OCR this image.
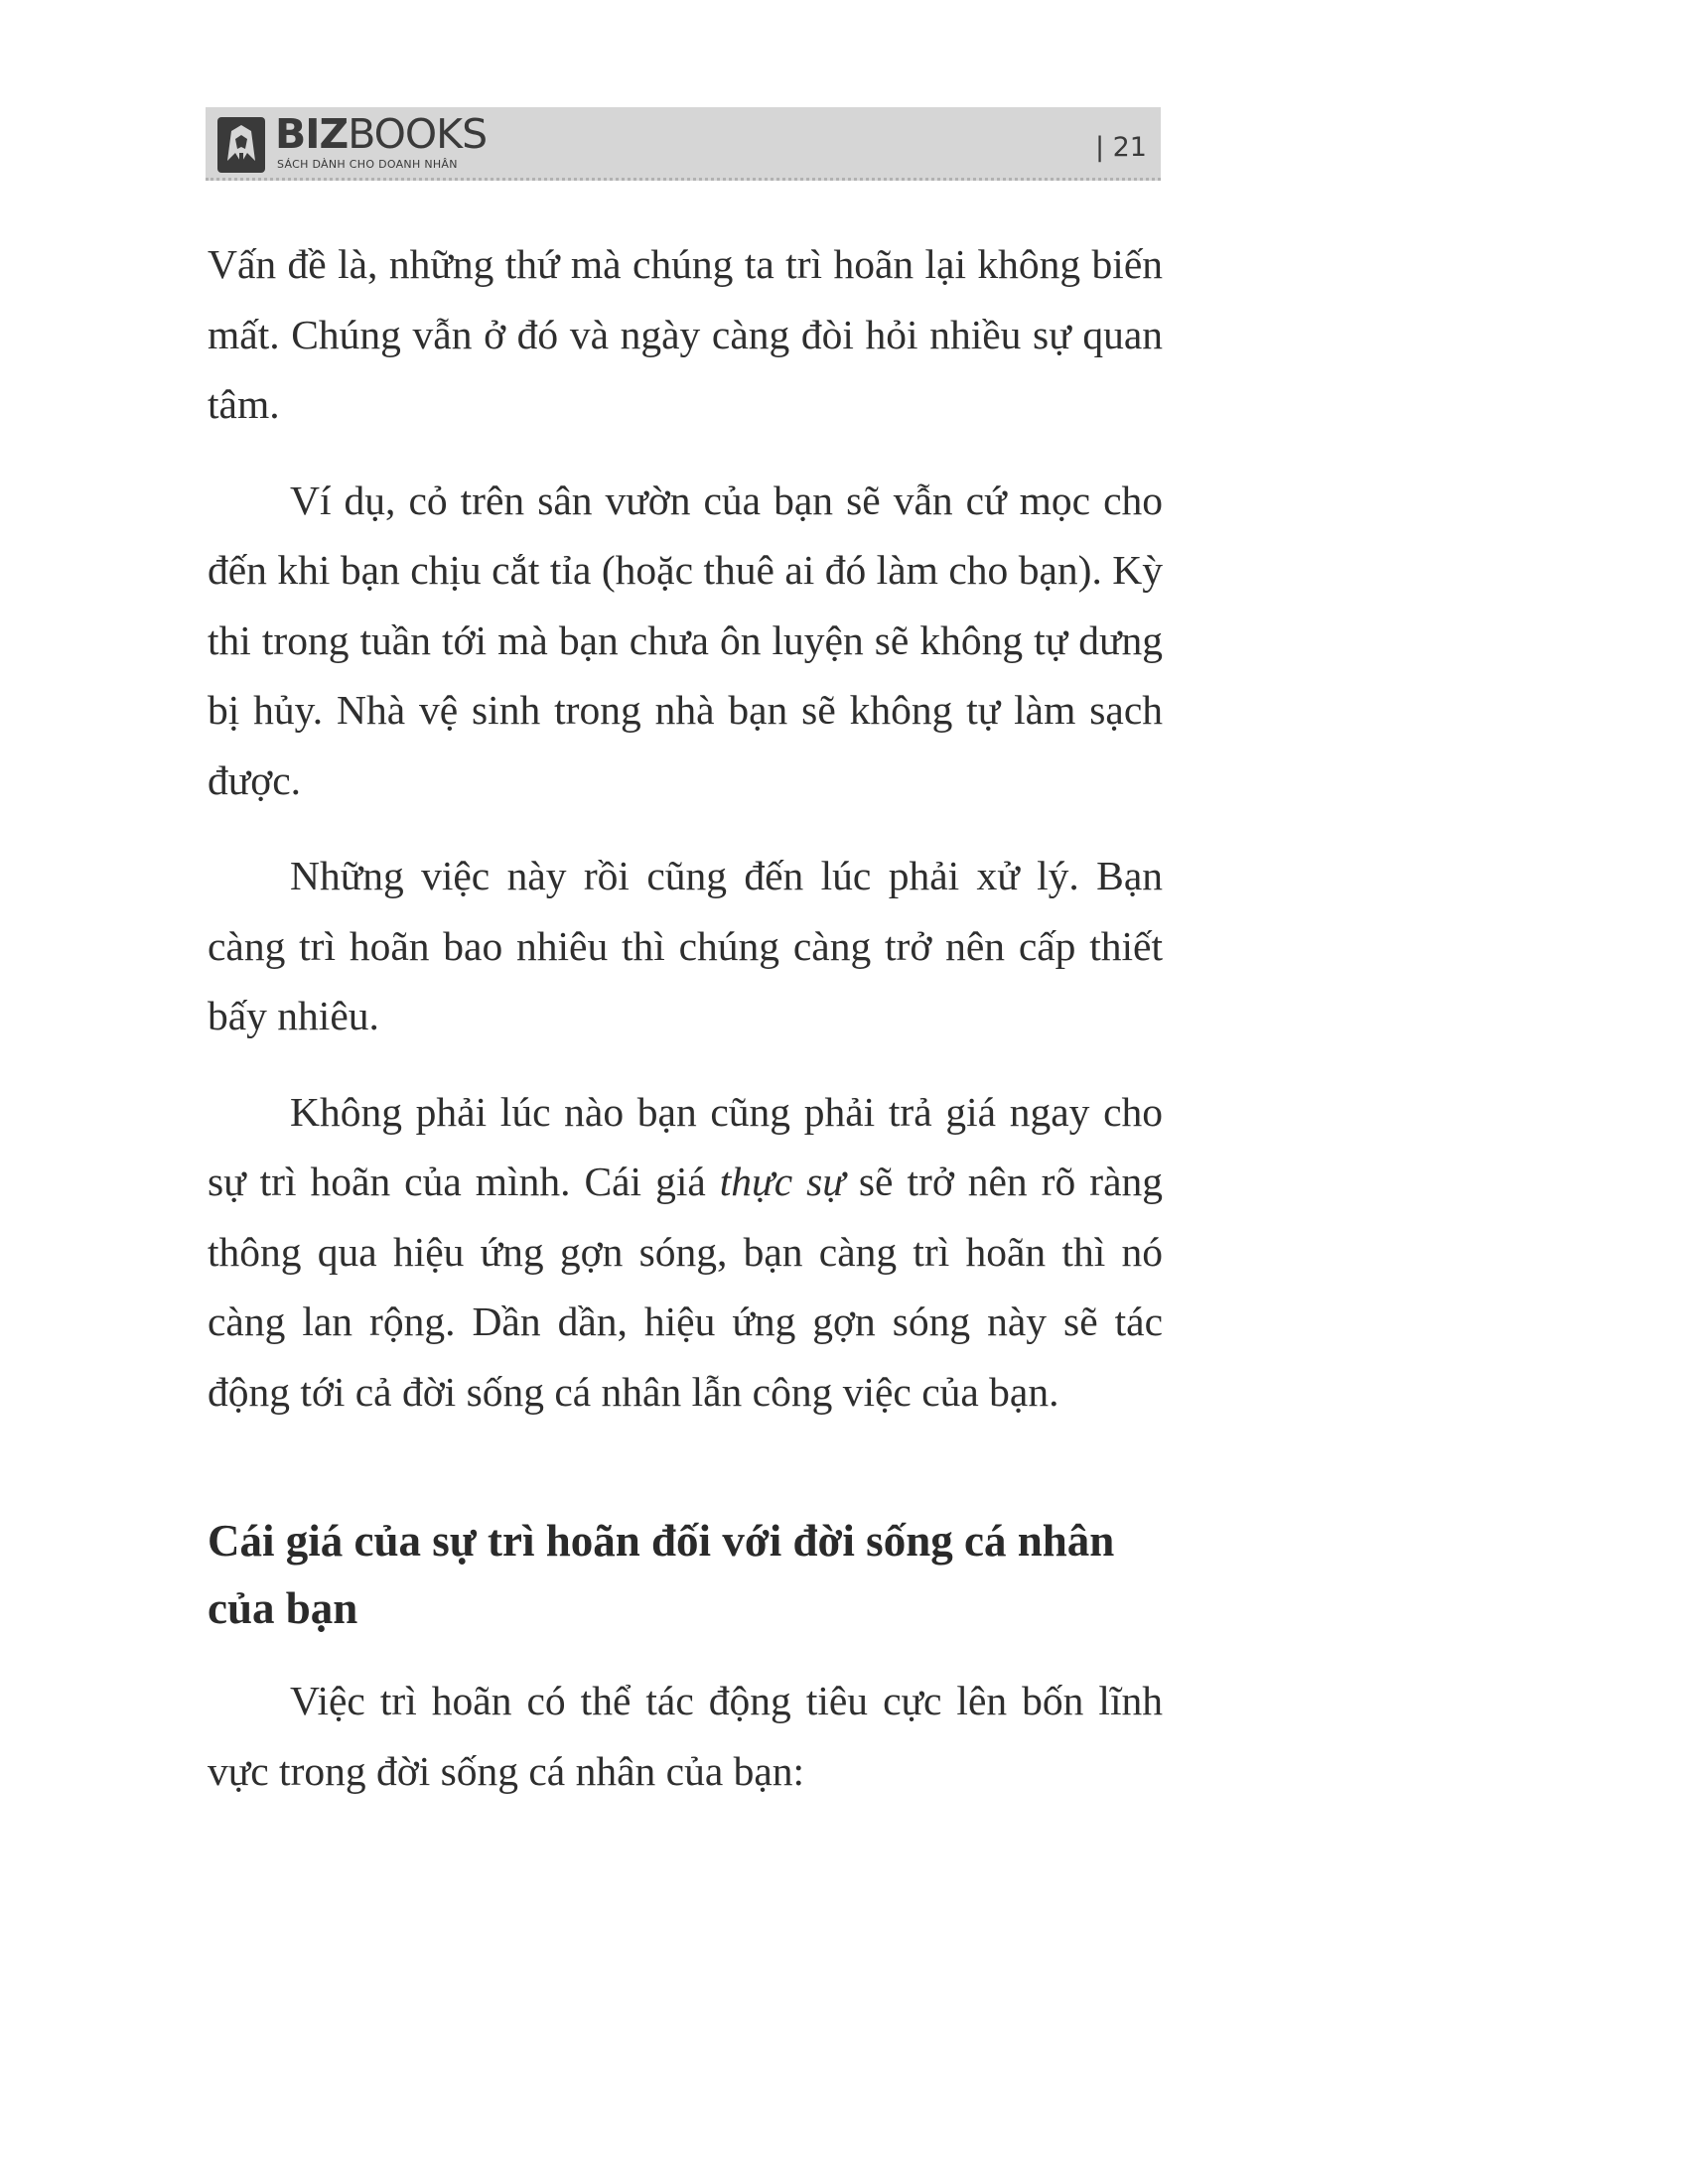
BIZBOOKS
SÁCH DÀNH CHO DOANH NHÂN
| 21

Vấn đề là, những thứ mà chúng ta trì hoãn lại không biến mất. Chúng vẫn ở đó và ngày càng đòi hỏi nhiều sự quan tâm.

Ví dụ, cỏ trên sân vườn của bạn sẽ vẫn cứ mọc cho đến khi bạn chịu cắt tỉa (hoặc thuê ai đó làm cho bạn). Kỳ thi trong tuần tới mà bạn chưa ôn luyện sẽ không tự dưng bị hủy. Nhà vệ sinh trong nhà bạn sẽ không tự làm sạch được.

Những việc này rồi cũng đến lúc phải xử lý. Bạn càng trì hoãn bao nhiêu thì chúng càng trở nên cấp thiết bấy nhiêu.

Không phải lúc nào bạn cũng phải trả giá ngay cho sự trì hoãn của mình. Cái giá thực sự sẽ trở nên rõ ràng thông qua hiệu ứng gợn sóng, bạn càng trì hoãn thì nó càng lan rộng. Dần dần, hiệu ứng gợn sóng này sẽ tác động tới cả đời sống cá nhân lẫn công việc của bạn.

Cái giá của sự trì hoãn đối với đời sống cá nhân của bạn

Việc trì hoãn có thể tác động tiêu cực lên bốn lĩnh vực trong đời sống cá nhân của bạn:
